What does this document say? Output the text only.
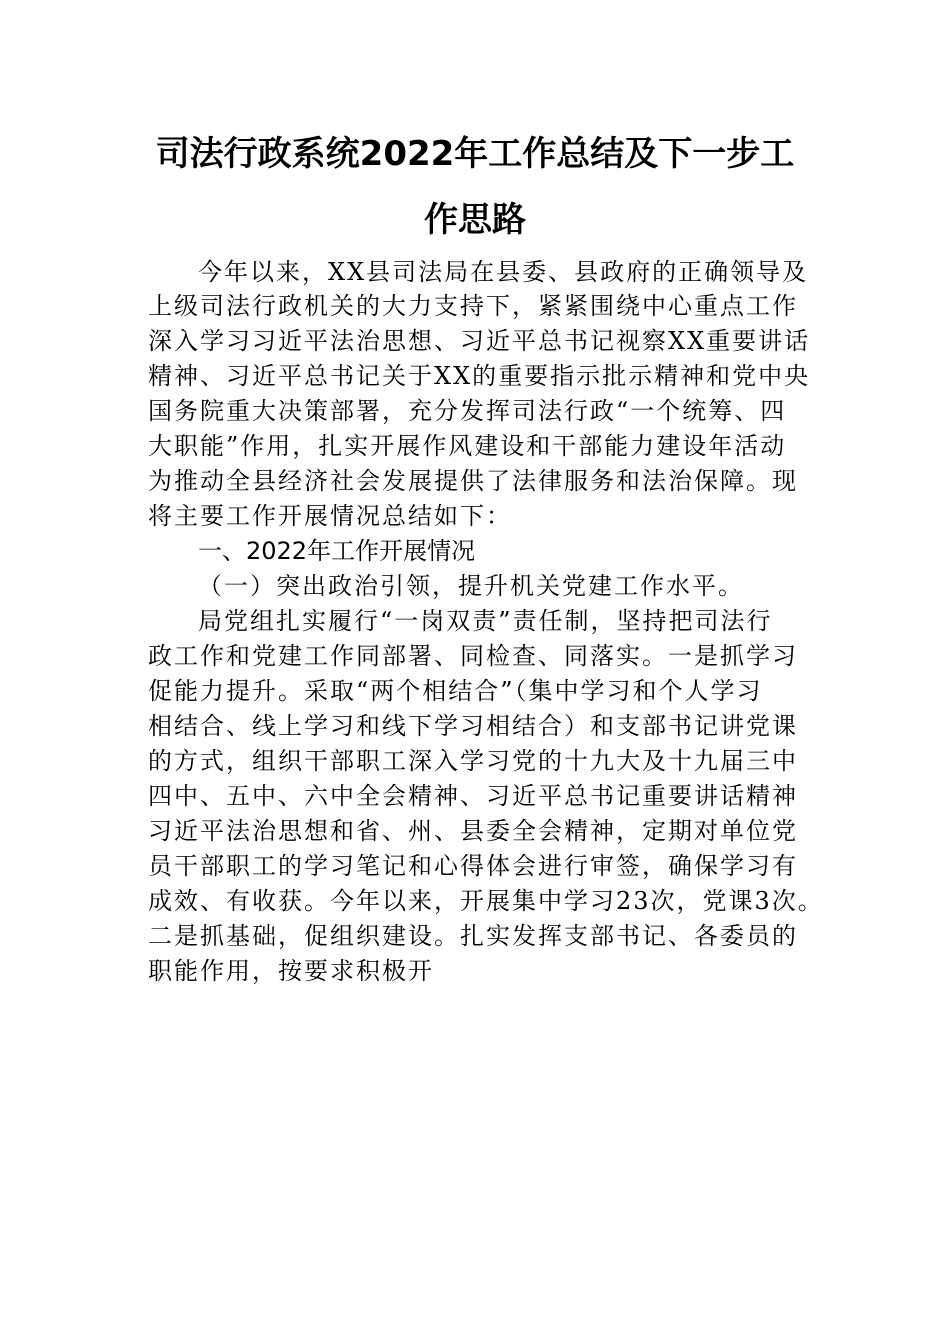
司法行政系统2022年工作总结及下一步工
作思路
今年以来，XX县司法局在县委、县政府的正确领导及
上级司法行政机关的大力支持下，紧紧围绕中心重点工作
深入学习习近平法治思想、习近平总书记视察XX重要讲话
精神、习近平总书记关于XX的重要指示批示精神和党中央
国务院重大决策部署，充分发挥司法行政“一个统筹、四
大职能”作用，扎实开展作风建设和干部能力建设年活动
为推动全县经济社会发展提供了法律服务和法治保障。现
将主要工作开展情况总结如下：
一、2022年工作开展情况
（一）突出政治引领，提升机关党建工作水平。
局党组扎实履行“一岗双责”责任制，坚持把司法行
政工作和党建工作同部署、同检查、同落实。一是抓学习
促能力提升。采取“两个相结合”（集中学习和个人学习
相结合、线上学习和线下学习相结合）和支部书记讲党课
的方式，组织干部职工深入学习党的十九大及十九届三中
四中、五中、六中全会精神、习近平总书记重要讲话精神
习近平法治思想和省、州、县委全会精神，定期对单位党
员干部职工的学习笔记和心得体会进行审签，确保学习有
成效、有收获。今年以来，开展集中学习23次，党课3次。
二是抓基础，促组织建设。扎实发挥支部书记、各委员的
职能作用，按要求积极开
